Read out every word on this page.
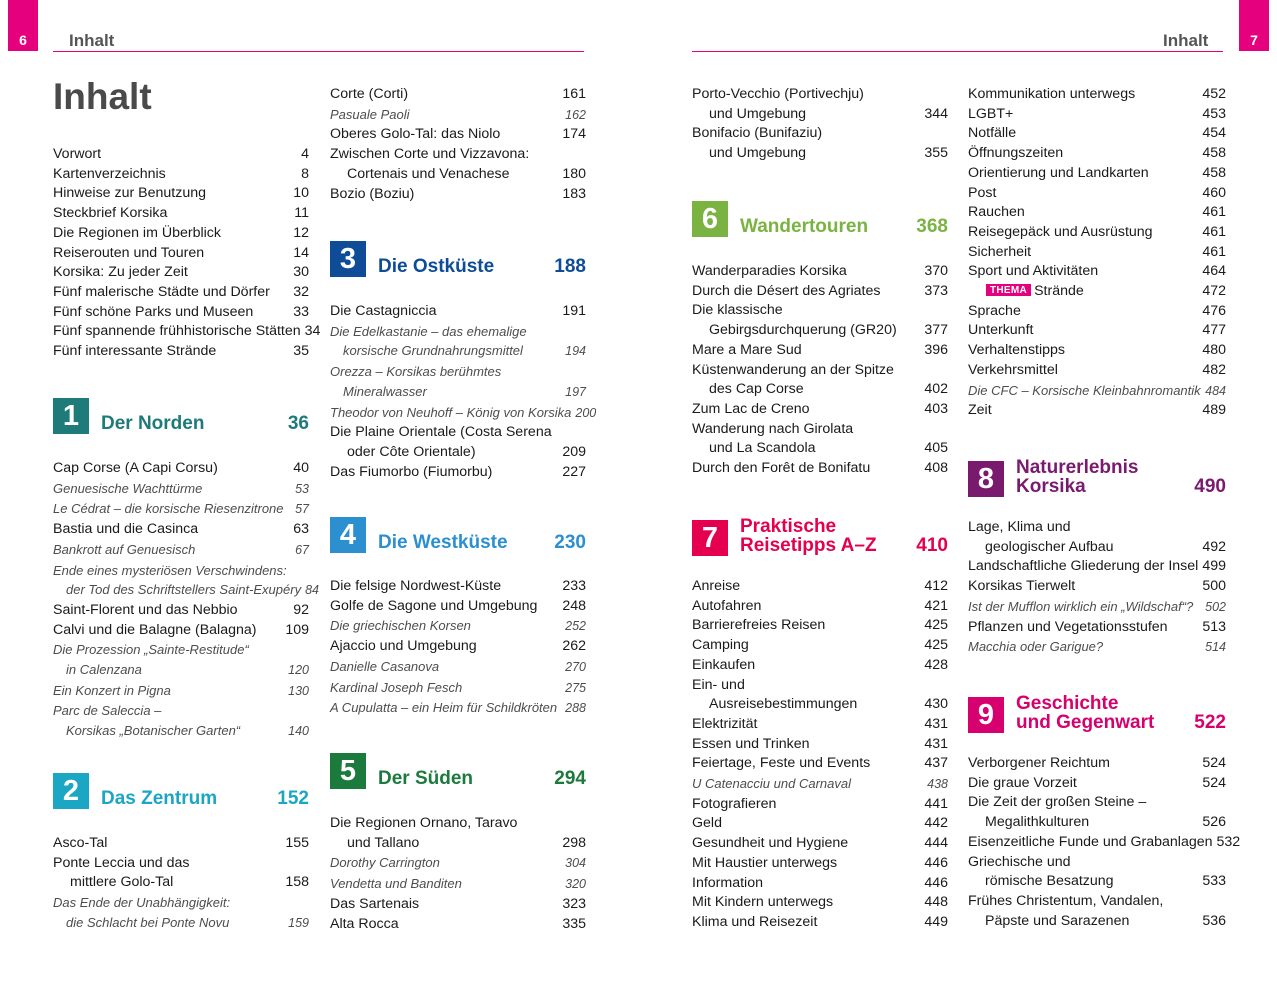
6 Inhalt	7
Inhalt
Inhalt
Vorwort	4
Kartenverzeichnis	8
Hinweise zur Benutzung	10
Steckbrief Korsika	11
Die Regionen im Überblick	12
Reiserouten und Touren	14
Korsika: Zu jeder Zeit	30
Fünf malerische Städte und Dörfer	32
Fünf schöne Parks und Museen	33
Fünf spannende frühhistorische Stätten 34
Fünf interessante Strände	35
1	Der Norden	36
Cap Corse (A Capi Corsu)	40
Genuesische Wachttürme	53
Le Cédrat – die korsische Riesenzitrone 57
Bastia und die Casinca	63
Bankrott auf Genuesisch	67
Ende eines mysteriösen Verschwindens:
der Tod des Schriftstellers Saint-Exupéry 84
Saint-Florent und das Nebbio	92
Calvi und die Balagne (Balagna)	109
Die Prozession „Sainte-Restitude“
in Calenzana	120
Ein Konzert in Pigna	130
Parc de Saleccia –
Korsikas „Botanischer Garten“	140
2	Das Zentrum	152
Asco-Tal	155
Ponte Leccia und das
mittlere Golo-Tal	158
Das Ende der Unabhängigkeit:
die Schlacht bei Ponte Novu	159
Corte (Corti)	161
Pasuale Paoli	162
Oberes Golo-Tal: das Niolo	174
Zwischen Corte und Vizzavona:
Cortenais und Venachese	180
Bozio (Boziu)	183
3	Die Ostküste	188
Die Castagniccia	191
Die Edelkastanie – das ehemalige
korsische Grundnahrungsmittel	194
Orezza – Korsikas berühmtes
Mineralwasser	197
Theodor von Neuhoff – König von Korsika 200
Die Plaine Orientale (Costa Serena
oder Côte Orientale)	209
Das Fiumorbo (Fiumorbu)	227
4	Die Westküste	230
Die felsige Nordwest-Küste	233
Golfe de Sagone und Umgebung	248
Die griechischen Korsen	252
Ajaccio und Umgebung	262
Danielle Casanova	270
Kardinal Joseph Fesch	275
A Cupulatta – ein Heim für Schildkröten 288
5	Der Süden	294
Die Regionen Ornano, Taravo
und Tallano	298
Dorothy Carrington	304
Vendetta und Banditen	320
Das Sartenais	323
Alta Rocca	335
Porto-Vecchio (Portivechju)
und Umgebung	344
Bonifacio (Bunifaziu)
und Umgebung	355
6	Wandertouren	368
Wanderparadies Korsika	370
Durch die Désert des Agriates	373
Die klassische
Gebirgsdurchquerung (GR20)	377
Mare a Mare Sud	396
Küstenwanderung an der Spitze
des Cap Corse	402
Zum Lac de Creno	403
Wanderung nach Girolata
und La Scandola	405
Durch den Forêt de Bonifatu	408
7	Praktische
Reisetipps A–Z	410
Anreise	412
Autofahren	421
Barrierefreies Reisen	425
Camping	425
Einkaufen	428
Ein- und
Ausreisebestimmungen	430
Elektrizität	431
Essen und Trinken	431
Feiertage, Feste und Events	437
U Catenacciu und Carnaval	438
Fotografieren	441
Geld	442
Gesundheit und Hygiene	444
Mit Haustier unterwegs	446
Information	446
Mit Kindern unterwegs	448
Klima und Reisezeit	449
Kommunikation unterwegs	452
LGBT+	453
Notfälle	454
Öffnungszeiten	458
Orientierung und Landkarten	458
Post	460
Rauchen	461
Reisegepäck und Ausrüstung	461
Sicherheit	461
Sport und Aktivitäten	464
THEMA Strände	472
Sprache	476
Unterkunft	477
Verhaltenstipps	480
Verkehrsmittel	482
Die CFC – Korsische Kleinbahnromantik 484
Zeit	489
8	Naturerlebnis
Korsika	490
Lage, Klima und
geologischer Aufbau	492
Landschaftliche Gliederung der Insel 499
Korsikas Tierwelt	500
Ist der Mufflon wirklich ein „Wildschaf“? 502
Pflanzen und Vegetationsstufen	513
Macchia oder Garigue?	514
9	Geschichte
und Gegenwart	522
Verborgener Reichtum	524
Die graue Vorzeit	524
Die Zeit der großen Steine –
Megalithkulturen	526
Eisenzeitliche Funde und Grabanlagen 532
Griechische und
römische Besatzung	533
Frühes Christentum, Vandalen,
Päpste und Sarazenen	536
